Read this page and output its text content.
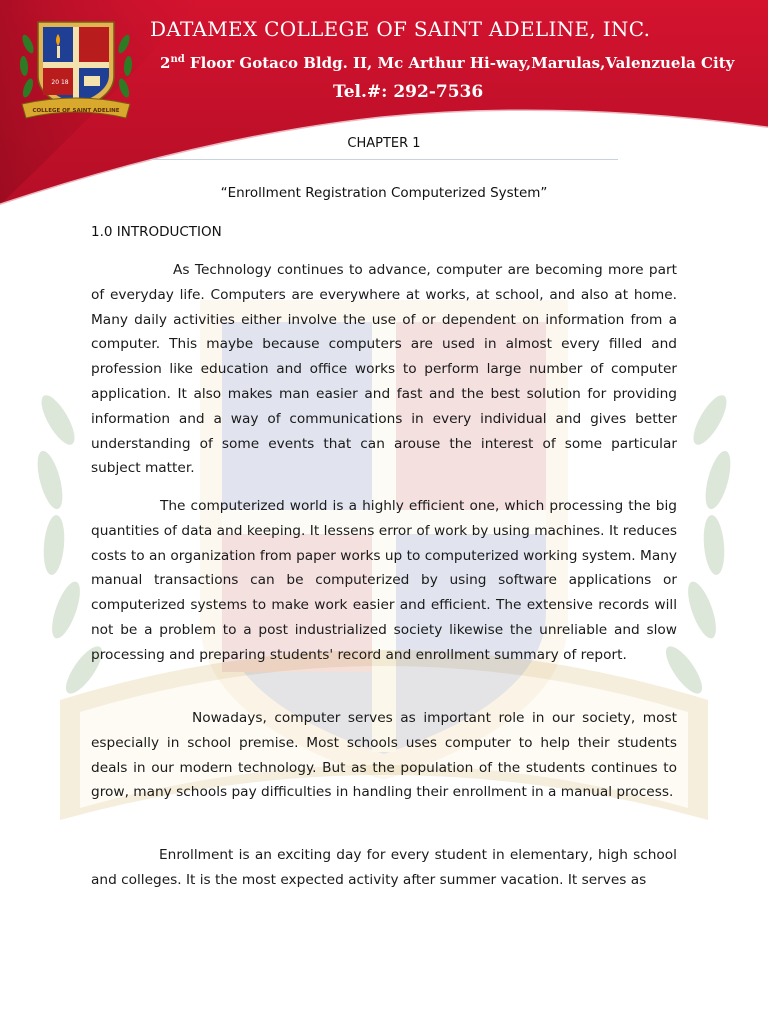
20 18
COLLEGE OF SAINT ADELINE
DATAMEX COLLEGE OF SAINT ADELINE, INC.
2nd Floor Gotaco Bldg. II, Mc Arthur Hi-way,Marulas,Valenzuela City
Tel.#: 292-7536
CHAPTER 1
“Enrollment Registration Computerized System”
1.0 INTRODUCTION

As Technology continues to advance, computer are becoming more part of everyday life. Computers are everywhere at works, at school, and also at home. Many daily activities either involve the use of or dependent on information from a computer. This maybe because computers are used in almost every filled and profession like education and office works to perform large number of computer application. It also makes man easier and fast and the best solution for providing information and a way of communications in every individual and gives better understanding of some events that can arouse the interest of some particular subject matter.

The computerized world is a highly efficient one, which processing the big quantities of data and keeping. It lessens error of work by using machines. It reduces costs to an organization from paper works up to computerized working system. Many manual transactions can be computerized by using software applications or computerized systems to make work easier and efficient. The extensive records will not be a problem to a post industrialized society likewise the unreliable and slow processing and preparing students' record and enrollment summary of report.

Nowadays, computer serves as important role in our society, most especially in school premise. Most schools uses computer to help their students deals in our modern technology. But as the population of the students continues to grow, many schools pay difficulties in handling their enrollment in a manual process.

Enrollment is an exciting day for every student in elementary, high school and colleges. It is the most expected activity after summer vacation. It serves as
